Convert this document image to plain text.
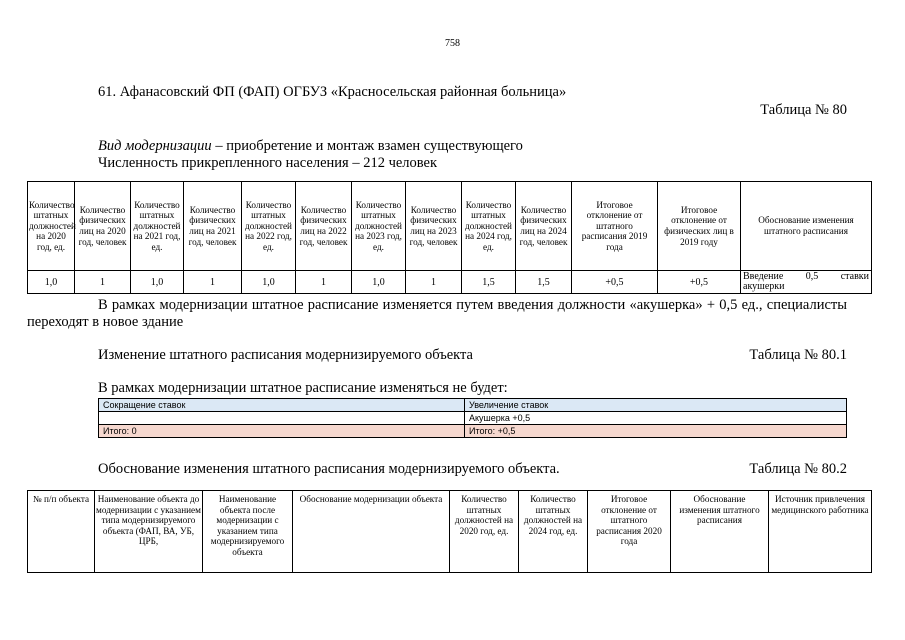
758
61. Афанасовский ФП (ФАП) ОГБУЗ «Красносельская районная больница»
Таблица № 80
Вид модернизации – приобретение и монтаж взамен существующего
Численность прикрепленного населения – 212 человек
Количество штатных должностей на 2020 год, ед.	Количество физических лиц на 2020 год, человек	Количество штатных должностей на 2021 год, ед.	Количество физических лиц на 2021 год, человек	Количество штатных должностей на 2022 год, ед.	Количество физических лиц на 2022 год, человек	Количество штатных должностей на 2023 год, ед.	Количество физических лиц на 2023 год, человек	Количество штатных должностей на 2024 год, ед.	Количество физических лиц на 2024 год, человек	Итоговое отклонение от штатного расписания 2019 года	Итоговое отклонение от физических лиц в 2019 году	Обоснование изменения штатного расписания
1,0	1	1,0	1	1,0	1	1,0	1	1,5	1,5	+0,5	+0,5	Введение 0,5 ставки
акушерки
В рамках модернизации штатное расписание изменяется путем введения должности «акушерка» + 0,5 ед., специалисты переходят в новое здание
Изменение штатного расписания модернизируемого объекта	Таблица № 80.1
В рамках модернизации штатное расписание изменяться не будет:
Сокращение ставок	Увеличение ставок
	Акушерка +0,5
Итого: 0	Итого: +0,5
Обоснование изменения штатного расписания модернизируемого объекта.	Таблица № 80.2
№ п/п объекта	Наименование объекта до модернизации с указанием типа модернизируемого объекта (ФАП, ВА, УБ, ЦРБ,	Наименование объекта после модернизации с указанием типа модернизируемого объекта	Обоснование модернизации объекта	Количество штатных должностей на 2020 год, ед.	Количество штатных должностей на 2024 год, ед.	Итоговое отклонение от штатного расписания 2020 года	Обоснование изменения штатного расписания	Источник привлечения медицинского работника
